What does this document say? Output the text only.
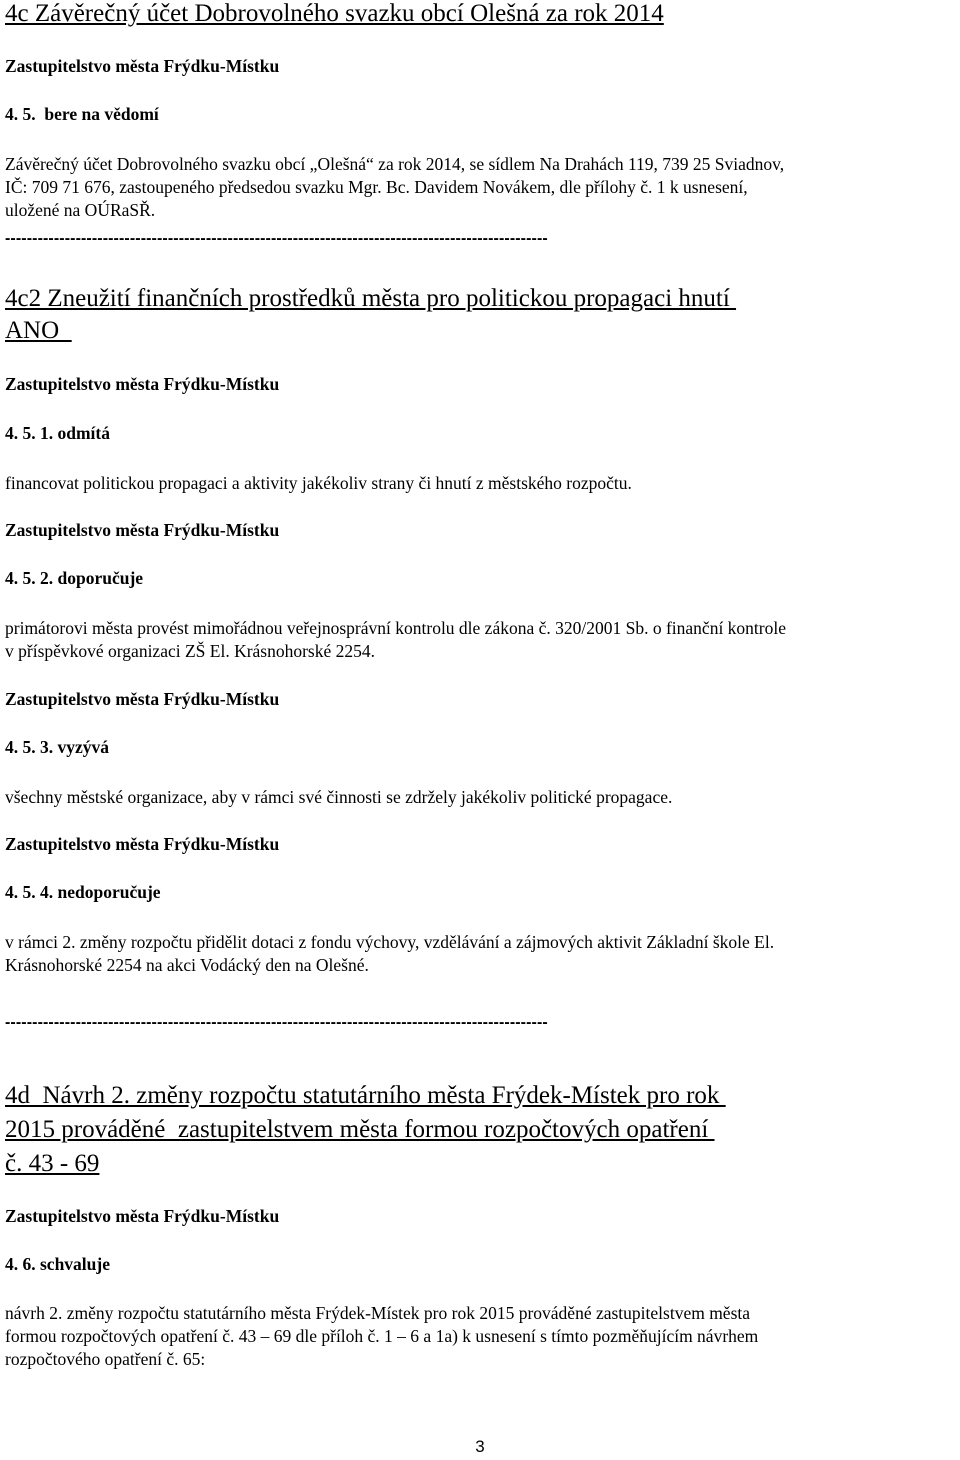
4c Závěrečný účet Dobrovolného svazku obcí Olešná za rok 2014
Zastupitelstvo města Frýdku-Místku
4. 5.  bere na vědomí
Závěrečný účet Dobrovolného svazku obcí „Olešná“ za rok 2014, se sídlem Na Drahách 119, 739 25 Sviadnov,
IČ: 709 71 676, zastoupeného předsedou svazku Mgr. Bc. Davidem Novákem, dle přílohy č. 1 k usnesení,
uložené na OÚRaSŘ.
----------------------------------------------------------------------------------------------------
4c2 Zneužití finančních prostředků města pro politickou propagaci hnutí
ANO
Zastupitelstvo města Frýdku-Místku
4. 5. 1. odmítá
financovat politickou propagaci a aktivity jakékoliv strany či hnutí z městského rozpočtu.
Zastupitelstvo města Frýdku-Místku
4. 5. 2. doporučuje
primátorovi města provést mimořádnou veřejnosprávní kontrolu dle zákona č. 320/2001 Sb. o finanční kontrole
v příspěvkové organizaci ZŠ El. Krásnohorské 2254.
Zastupitelstvo města Frýdku-Místku
4. 5. 3. vyzývá
všechny městské organizace, aby v rámci své činnosti se zdržely jakékoliv politické propagace.
Zastupitelstvo města Frýdku-Místku
4. 5. 4. nedoporučuje
v rámci 2. změny rozpočtu přidělit dotaci z fondu výchovy, vzdělávání a zájmových aktivit Základní škole El.
Krásnohorské 2254 na akci Vodácký den na Olešné.
----------------------------------------------------------------------------------------------------
4d  Návrh 2. změny rozpočtu statutárního města Frýdek-Místek pro rok
2015 prováděné  zastupitelstvem města formou rozpočtových opatření
č. 43 - 69
Zastupitelstvo města Frýdku-Místku
4. 6. schvaluje
návrh 2. změny rozpočtu statutárního města Frýdek-Místek pro rok 2015 prováděné zastupitelstvem města
formou rozpočtových opatření č. 43 – 69 dle příloh č. 1 – 6 a 1a) k usnesení s tímto pozměňujícím návrhem
rozpočtového opatření č. 65:
3
